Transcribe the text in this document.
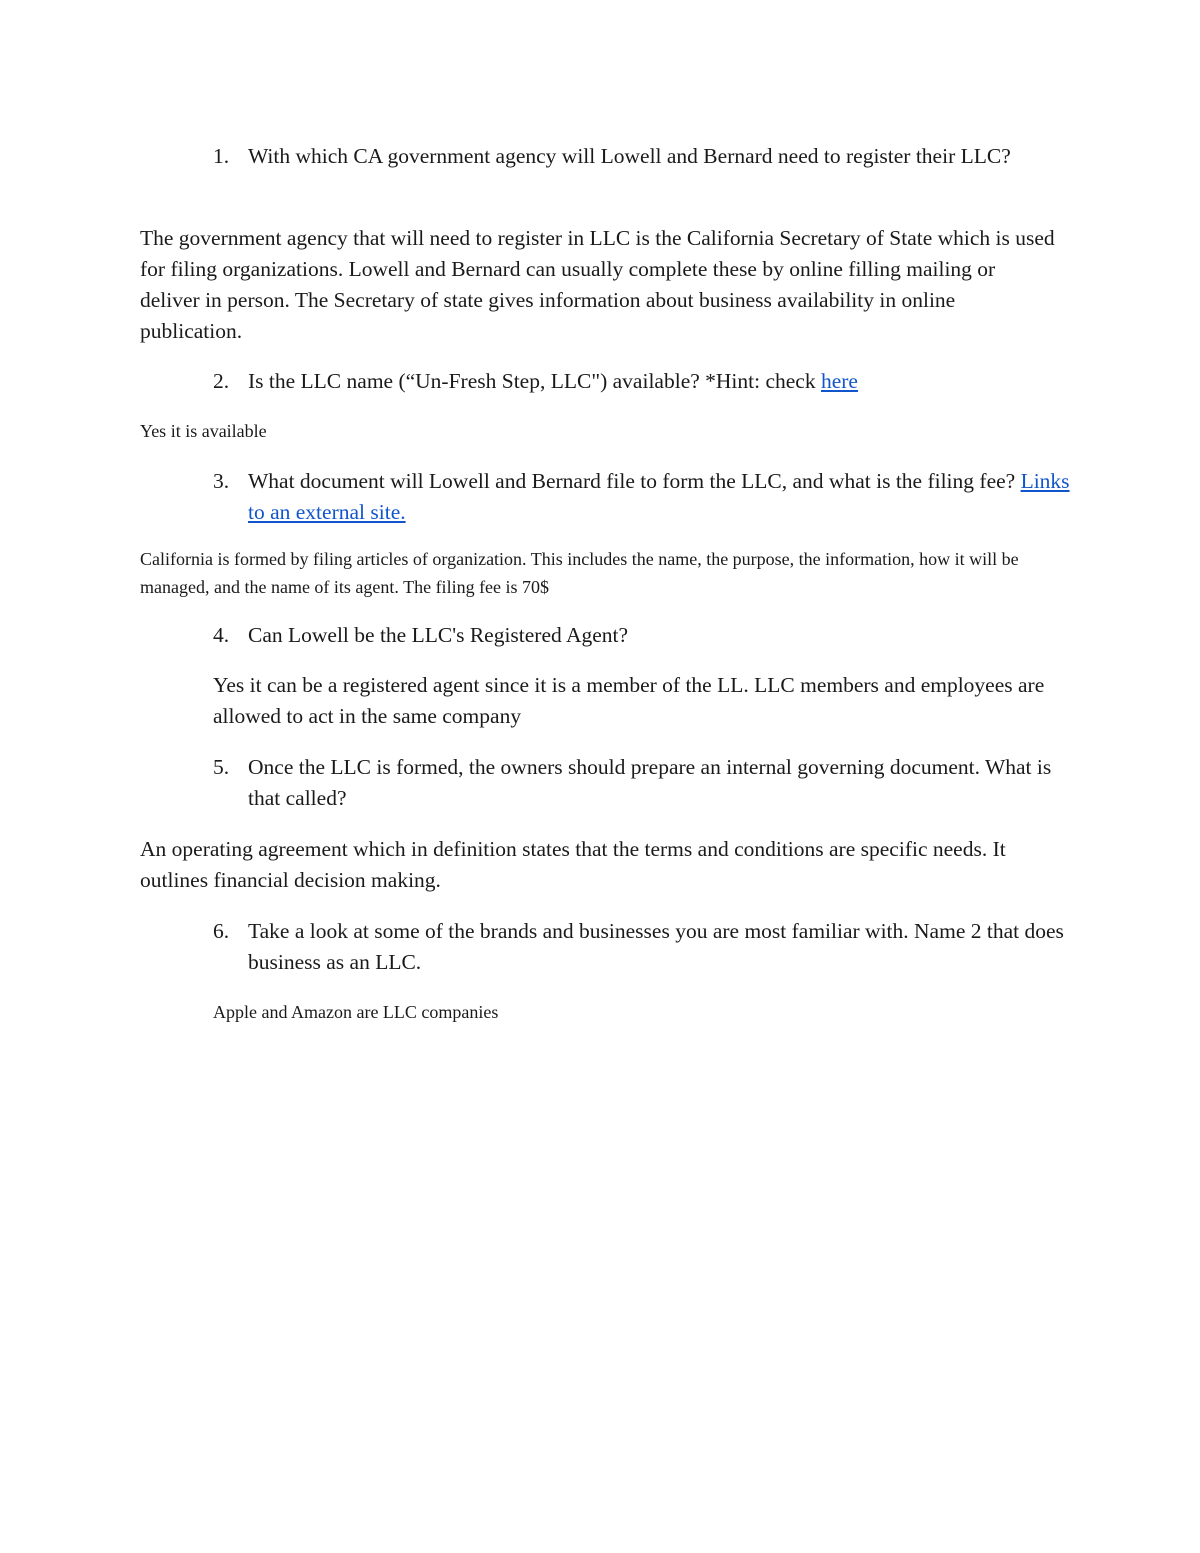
1. With which CA government agency will Lowell and Bernard need to register their LLC?

The government agency that will need to register in LLC is the California Secretary of State which is used for filing organizations. Lowell and Bernard can usually complete these by online filling mailing or deliver in person. The Secretary of state gives information about business availability in online publication.

2. Is the LLC name (“Un-Fresh Step, LLC") available? *Hint: check here

Yes it is available

3. What document will Lowell and Bernard file to form the LLC, and what is the filing fee? Links to an external site.

California is formed by filing articles of organization. This includes the name, the purpose, the information, how it will be managed, and the name of its agent. The filing fee is 70$

4. Can Lowell be the LLC's Registered Agent?

Yes it can be a registered agent since it is a member of the LL. LLC members and employees are allowed to act in the same company

5. Once the LLC is formed, the owners should prepare an internal governing document. What is that called?

An operating agreement which in definition states that the terms and conditions are specific needs. It outlines financial decision making.

6. Take a look at some of the brands and businesses you are most familiar with. Name 2 that does business as an LLC.

Apple and Amazon are LLC companies
